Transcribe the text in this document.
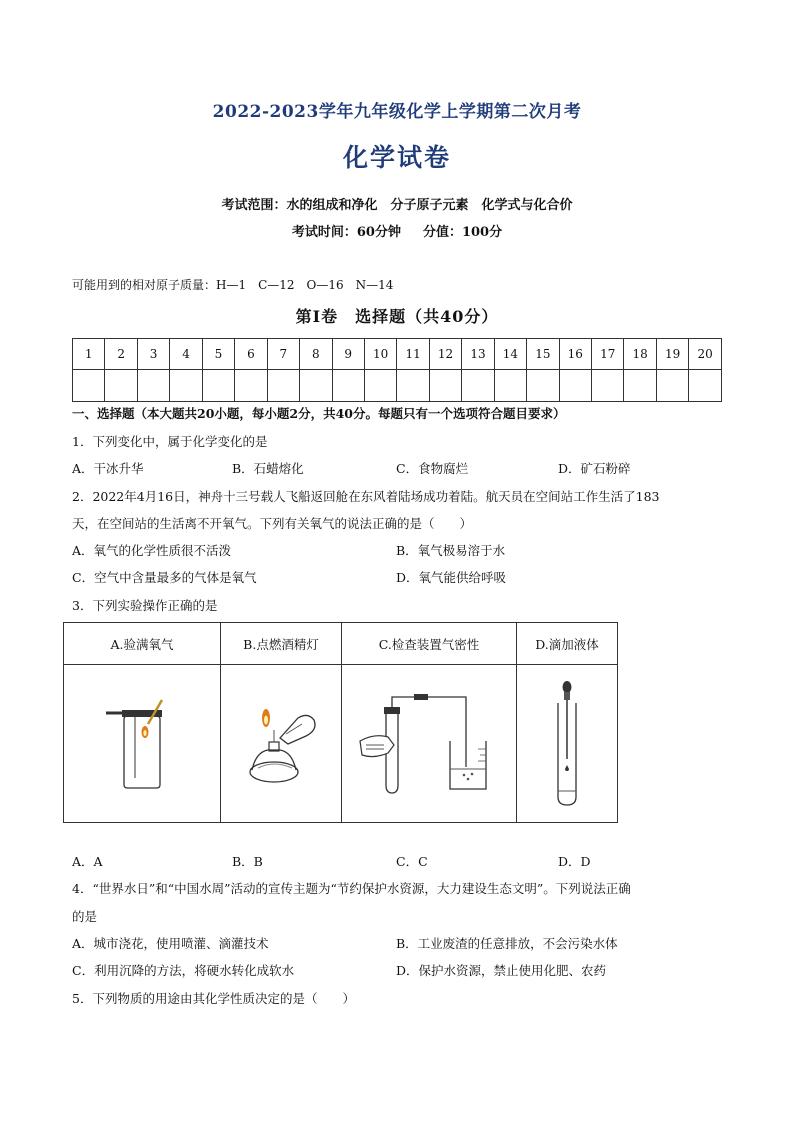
2022-2023学年九年级化学上学期第二次月考
化学试卷
考试范围：水的组成和净化　分子原子元素　化学式与化合价
考试时间：60分钟 分值：100分
可能用到的相对原子质量：H—1　C—12　O—16　N—14
第Ⅰ卷　选择题（共40分）
1	2	3	4	5	6	7	8	9	10	11	12	13	14	15	16	17	18	19	20

一、选择题（本大题共20小题，每小题2分，共40分。每题只有一个选项符合题目要求）
1．下列变化中，属于化学变化的是
A．干冰升华	B．石蜡熔化	C．食物腐烂	D．矿石粉碎
2．2022年4月16日，神舟十三号载人飞船返回舱在东风着陆场成功着陆。航天员在空间站工作生活了183
天，在空间站的生活离不开氧气。下列有关氧气的说法正确的是（　　）
A．氧气的化学性质很不活泼	B．氧气极易溶于水
C．空气中含量最多的气体是氧气	D．氧气能供给呼吸
3．下列实验操作正确的是
A.验满氧气	B.点燃酒精灯	C.检查装置气密性	D.滴加液体

A．A	B．B	C．C	D．D
4．“世界水日”和“中国水周”活动的宣传主题为“节约保护水资源，大力建设生态文明”。下列说法正确
的是
A．城市浇花，使用喷灌、滴灌技术	B．工业废渣的任意排放，不会污染水体
C．利用沉降的方法，将硬水转化成软水	D．保护水资源，禁止使用化肥、农药
5．下列物质的用途由其化学性质决定的是（　　）
